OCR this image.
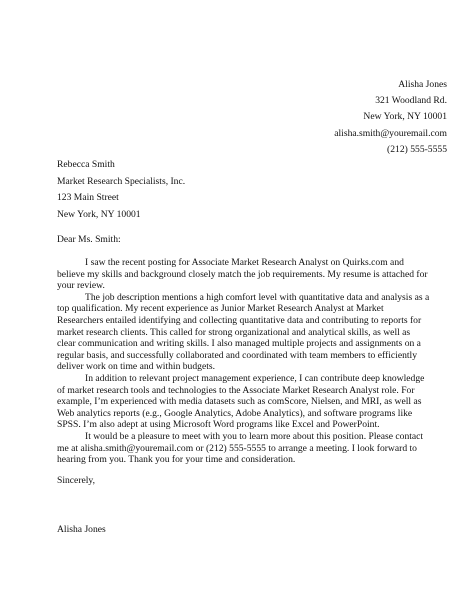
Alisha Jones
321 Woodland Rd.
New York, NY 10001
alisha.smith@youremail.com
(212) 555-5555
Rebecca Smith
Market Research Specialists, Inc.
123 Main Street
New York, NY 10001
Dear Ms. Smith:
I saw the recent posting for Associate Market Research Analyst on Quirks.com and
believe my skills and background closely match the job requirements. My resume is attached for
your review.
The job description mentions a high comfort level with quantitative data and analysis as a
top qualification. My recent experience as Junior Market Research Analyst at Market
Researchers entailed identifying and collecting quantitative data and contributing to reports for
market research clients. This called for strong organizational and analytical skills, as well as
clear communication and writing skills. I also managed multiple projects and assignments on a
regular basis, and successfully collaborated and coordinated with team members to efficiently
deliver work on time and within budgets.
In addition to relevant project management experience, I can contribute deep knowledge
of market research tools and technologies to the Associate Market Research Analyst role. For
example, I’m experienced with media datasets such as comScore, Nielsen, and MRI, as well as
Web analytics reports (e.g., Google Analytics, Adobe Analytics), and software programs like
SPSS. I’m also adept at using Microsoft Word programs like Excel and PowerPoint.
It would be a pleasure to meet with you to learn more about this position. Please contact
me at alisha.smith@youremail.com or (212) 555-5555 to arrange a meeting. I look forward to
hearing from you. Thank you for your time and consideration.
Sincerely,
Alisha Jones
